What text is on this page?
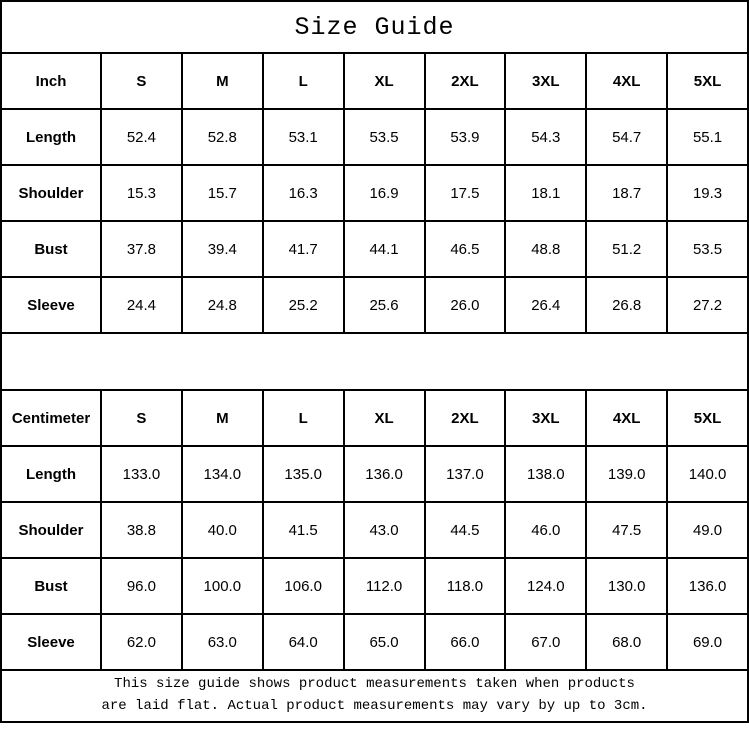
Size Guide								
Inch	S	M	L	XL	2XL	3XL	4XL	5XL
Length	52.4	52.8	53.1	53.5	53.9	54.3	54.7	55.1
Shoulder	15.3	15.7	16.3	16.9	17.5	18.1	18.7	19.3
Bust	37.8	39.4	41.7	44.1	46.5	48.8	51.2	53.5
Sleeve	24.4	24.8	25.2	25.6	26.0	26.4	26.8	27.2

Centimeter	S	M	L	XL	2XL	3XL	4XL	5XL
Length	133.0	134.0	135.0	136.0	137.0	138.0	139.0	140.0
Shoulder	38.8	40.0	41.5	43.0	44.5	46.0	47.5	49.0
Bust	96.0	100.0	106.0	112.0	118.0	124.0	130.0	136.0
Sleeve	62.0	63.0	64.0	65.0	66.0	67.0	68.0	69.0

This size guide shows product measurements taken when products
are laid flat. Actual product measurements may vary by up to 3cm.								
